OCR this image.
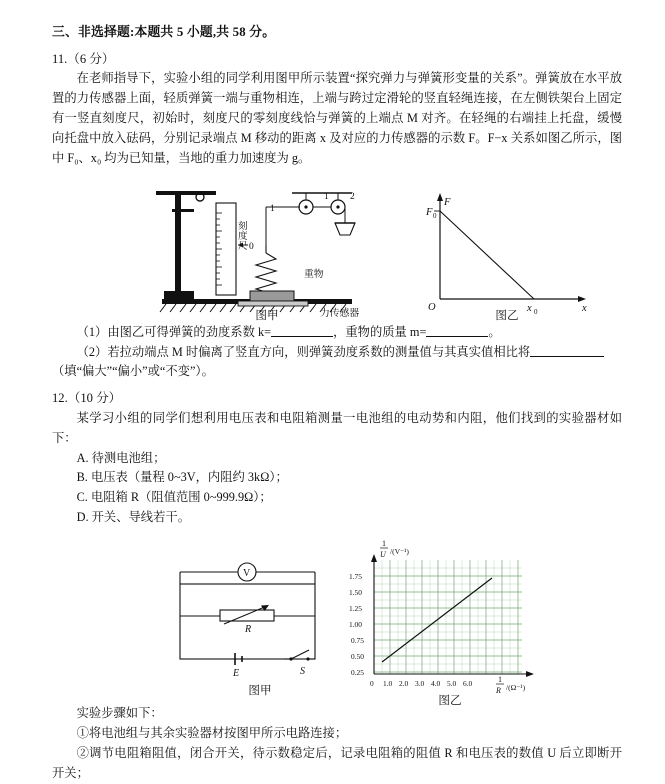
三、非选择题:本题共 5 小题,共 58 分。
11.（6 分）

在老师指导下，实验小组的同学利用图甲所示装置“探究弹力与弹簧形变量的关系”。弹簧放在水平放置的力传感器上面，轻质弹簧一端与重物相连，上端与跨过定滑轮的竖直轻绳连接，在左侧铁架台上固定有一竖直刻度尺，初始时，刻度尺的零刻度线恰与弹簧的上端点 M 对齐。在轻绳的右端挂上托盘，缓慢向托盘中放入砝码，分别记录端点 M 移动的距离 x 及对应的力传感器的示数 F。F−x 关系如图乙所示，图中 F₀、x₀ 均为已知量，当地的重力加速度为 g。

1
1 2
刻
度
尺 0
重物
力传感器
F
F 0
O	x 0	x
图甲	图乙

（1）由图乙可得弹簧的劲度系数 k=	，重物的质量 m=	。

（2）若拉动端点 M 时偏离了竖直方向，则弹簧劲度系数的测量值与其真实值相比将

（填“偏大”“偏小”或“不变”）。

12.（10 分）

某学习小组的同学们想利用电压表和电阻箱测量一电池组的电动势和内阻，他们找到的实验器材如下：

A. 待测电池组；

B. 电压表（量程 0~3V，内阻约 3kΩ）；

C. 电阻箱 R（阻值范围 0~999.9Ω）；

D. 开关、导线若干。

V
R
E	S
1.75
1.50
1.25
1.00
0.75
0.50
0.25
0 1.0 2.0 3.0 4.0 5.0 6.0
1
U /(V⁻¹)
1
R /(Ω⁻¹)
图甲
图乙

实验步骤如下：

①将电池组与其余实验器材按图甲所示电路连接；

②调节电阻箱阻值，闭合开关，待示数稳定后，记录电阻箱的阻值 R 和电压表的数值 U 后立即断开开关；
